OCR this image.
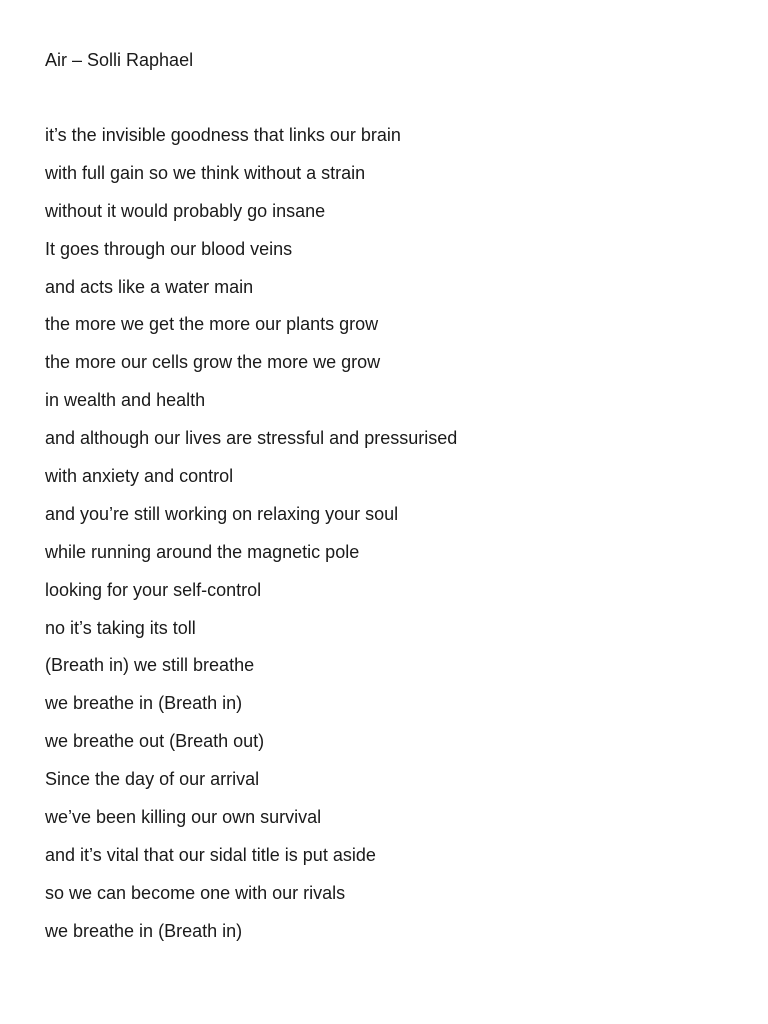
Air – Solli Raphael
it’s the invisible goodness that links our brain
with full gain so we think without a strain
without it would probably go insane
It goes through our blood veins
and acts like a water main
the more we get the more our plants grow
the more our cells grow the more we grow
in wealth and health
and although our lives are stressful and pressurised
with anxiety and control
and you’re still working on relaxing your soul
while running around the magnetic pole
looking for your self-control
no it’s taking its toll
(Breath in) we still breathe
we breathe in (Breath in)
we breathe out (Breath out)
Since the day of our arrival
we’ve been killing our own survival
and it’s vital that our sidal title is put aside
so we can become one with our rivals
we breathe in (Breath in)
